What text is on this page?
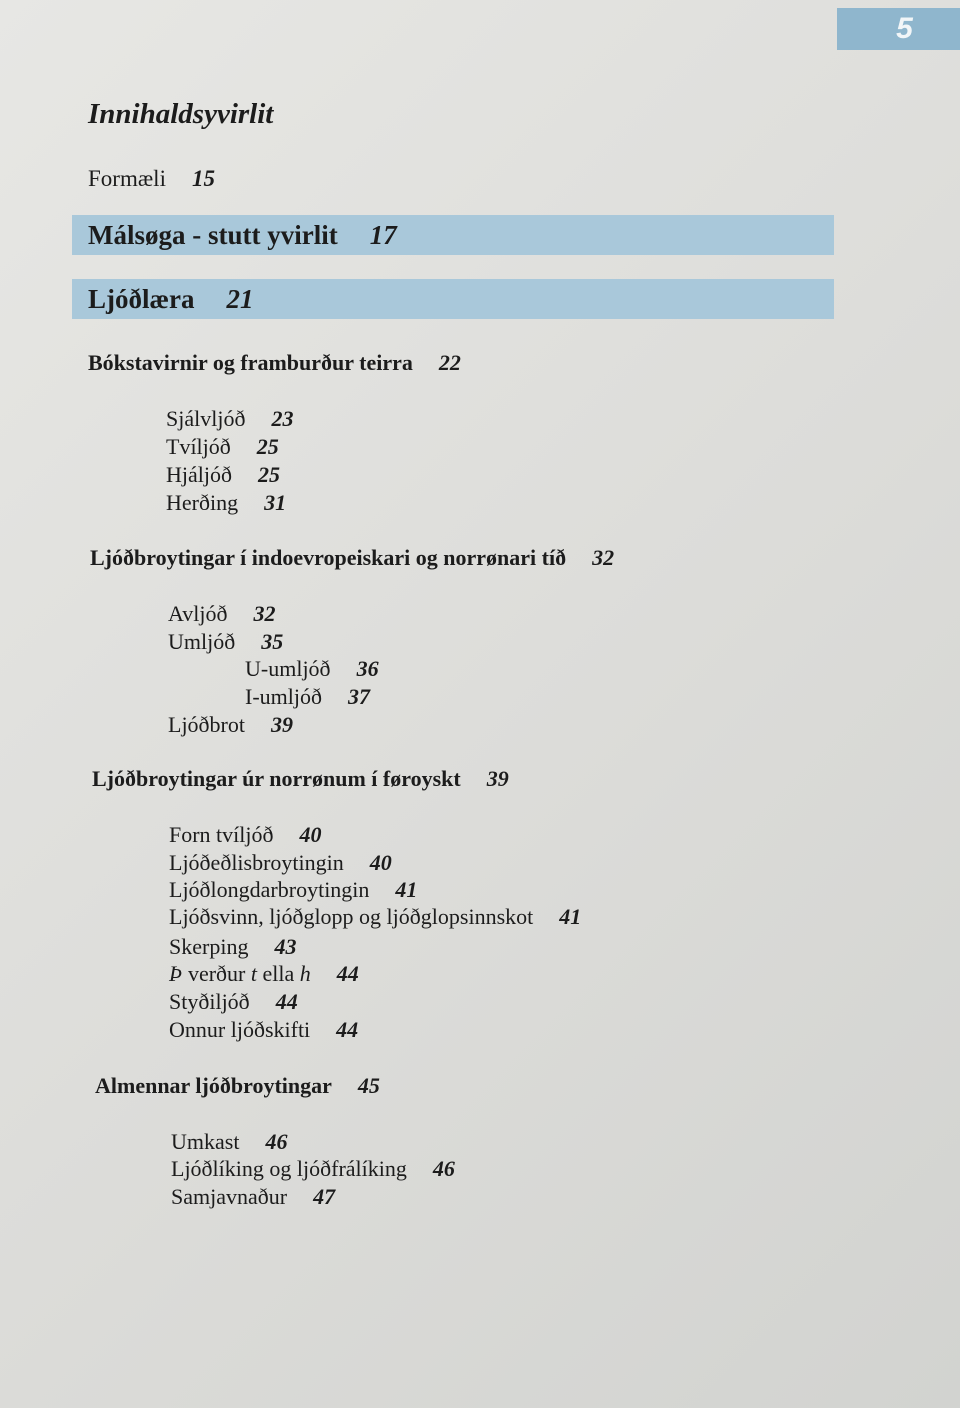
5
Innihaldsyvirlit
Formæli 15
Málsøga - stutt yvirlit 17
Ljóðlæra 21
Bókstavirnir og framburður teirra 22
Sjálvljóð 23
Tvíljóð 25
Hjáljóð 25
Herðing 31
Ljóðbroytingar í indoevropeiskari og norrønari tíð 32
Avljóð 32
Umljóð 35
U-umljóð 36
I-umljóð 37
Ljóðbrot 39
Ljóðbroytingar úr norrønum í føroyskt 39
Forn tvíljóð 40
Ljóðeðlisbroytingin 40
Ljóðlongdarbroytingin 41
Ljóðsvinn, ljóðglopp og ljóðglopsinnskot 41
Skerping 43
Þ verður t ella h 44
Styðiljóð 44
Onnur ljóðskifti 44
Almennar ljóðbroytingar 45
Umkast 46
Ljóðlíking og ljóðfrálíking 46
Samjavnaður 47
